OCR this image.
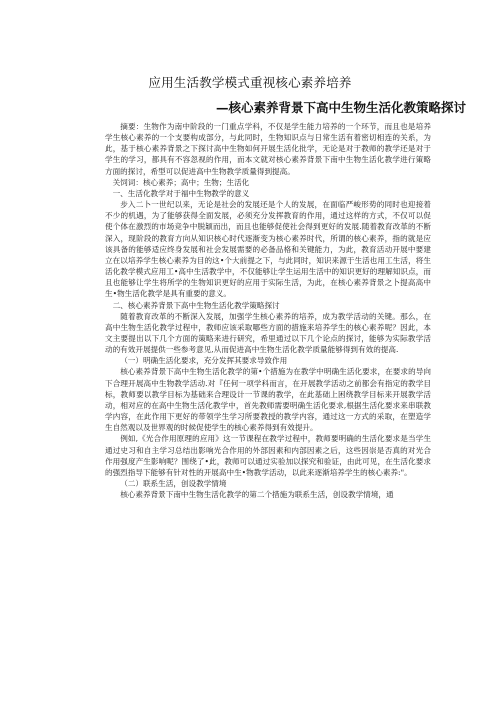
应用生活教学模式重视核心素养培养
—核心素养背景下高中生物生活化教策略探讨

摘要：生物作为南中阶段的一门重点学科，不仅是学生能力培养的一个环节，而且也是培养学生核心素养的一个支要构成部分，与此同时，生物知识点与日常生活有着密切相连的关系，为此，基于核心素养背景之下探讨高中生物如何开展生活化批学，无论是对于教师的教学还是对于学生的学习，都具有不容忽视的作用，而本文就对核心素养背景下南中生物生活化教学进行策略方面的探讨，希型可以促进高中生物教学质量得到提高。

关饲词：核心素养；高中；生物；生活化

一、生活化教学对于福中生物教学的意义

步入二卜一世纪以来，无论是社会的发展还是个人的发展，在面临严峻形势的同时也迎接着不少的机遇，为了能够获得全面发展，必须充分发挥教育的作用，通过这样的方式，不仅可以促使个体在激烈的市场竞争中脱颖而出，而且也能够促使社会得到更好的发展.随着教育改革的不断深入，现阶段的教育方向从知识核心时代逐渐变为核心素养时代，所谓的核心素养，指的就是应该具备的能够适应终身发展和社会发展需要的必备品格和关键能力，为此，教育活动开展中要建立在以培养学生核心素养为目的这•个大前提之下，与此同时，知识来源于生活也用工生活，将生活化教学模式应用工•高中生活教学中，不仅能够让学生运用生活中的知识更好的理解知识点，而且也能够让学生将所学的生物知识更好的应用于实际生活，为此，在核心素养背景之卜提高高中生•物生活化教学是具有重要的意义。

二、核心素养背景下高中生物生活化教学策略探讨

随着教育改革的不断深入发展，加强学生核心素养的培养，成为教学活动的关键。那么，在高中生物生活化教学过程中，教师应该采取哪些方面的措施来培养学生的核心素养呢？因此，本文主要提出以下几个方面的策略来进行研究，希里通过以下几个论点的探讨，能够为实际教学活动的有效开展提供一些参考意见,从而促进高中生物生活化教学质量能够得到有效的提高.

（一）明确生活化要求，充分发挥其要求导致作用

核心素养背景下高中生物生活化教学的第•个措施为在教学中明确生活化要求，在要求的导向下合理开展高中生物教学活动.对『任何一项学科而言，在开展教学活动之前都会有指定的教学目标，教师要以教学目标为基础来合理设计一节课的教学，在此基础上困绕教学目标来开展教学活动，相对应的在高中生物生活化教学中，首先教师需要明确生活化要求,根据生活化要求来串联教学内容，在此作用下更好的带领学生学习所要教授的教学内容，通过这一方式的采取，在塑造学生自然观以及世界观的时候促使学生的核心素养得到有效提升。

例如,《光合作用原理的应用》这一节课程在教学过程中，教师要明确的生活化要求是当学生通过史习和自主学习总结出影响光合作用的外部因素和内部因素之后，这些因崇是否真的对光合作用强度产生影响呢？围绕了•此，教师可以通过实验加以探究和验证，由此可见，在生活化要求的强烈指导下能够有针对性的开展高中生•物教学活动，以此来逐渐培养学生的核心素养:"。

（二）联系生活，创设教学情境

核心素养背景下南中生物生活化教学的第二个措施为联系生活，创设教学情境，通
